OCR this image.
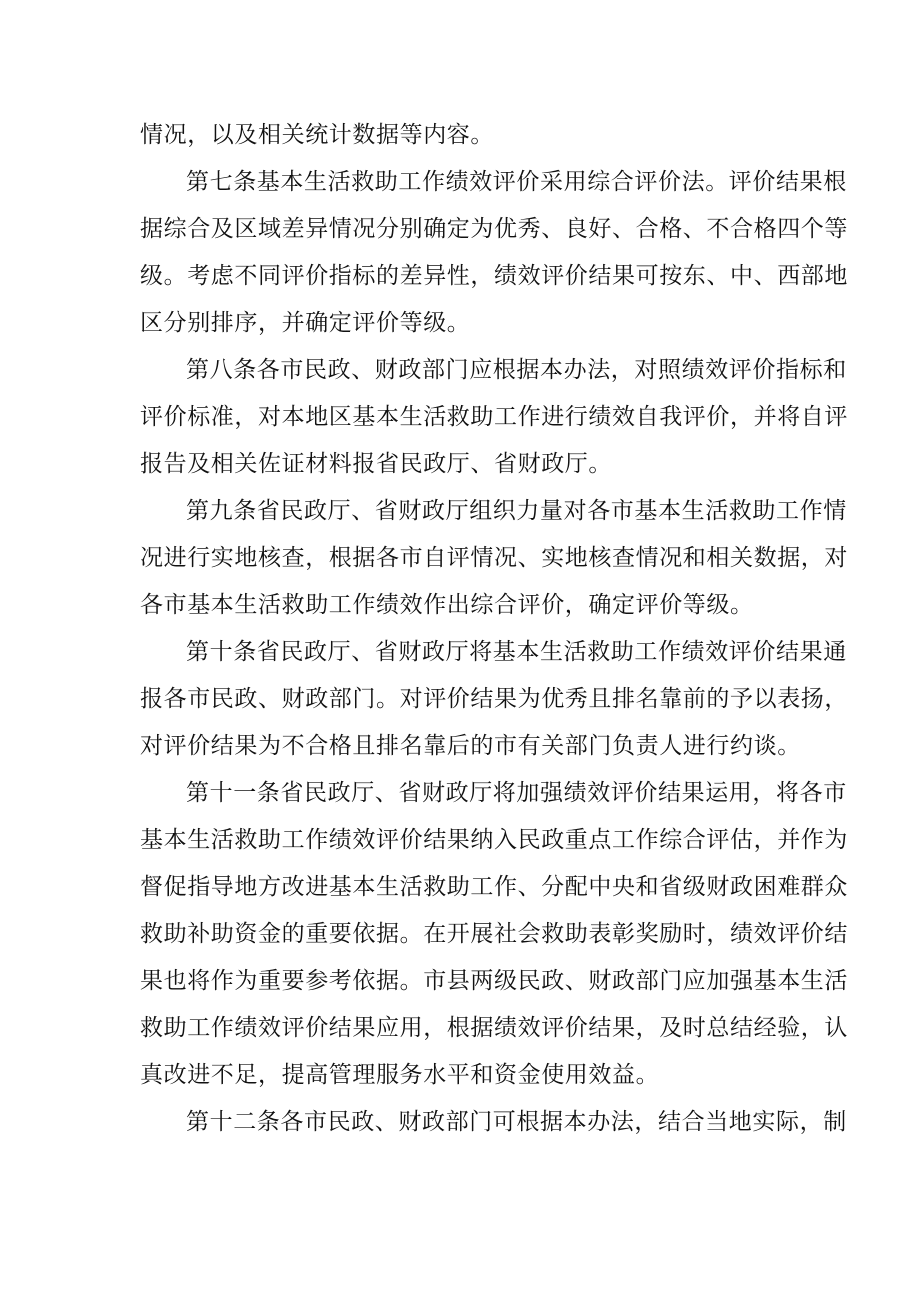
情况，以及相关统计数据等内容。
第七条基本生活救助工作绩效评价采用综合评价法。评价结果根
据综合及区域差异情况分别确定为优秀、良好、合格、不合格四个等
级。考虑不同评价指标的差异性，绩效评价结果可按东、中、西部地
区分别排序，并确定评价等级。
第八条各市民政、财政部门应根据本办法，对照绩效评价指标和
评价标准，对本地区基本生活救助工作进行绩效自我评价，并将自评
报告及相关佐证材料报省民政厅、省财政厅。
第九条省民政厅、省财政厅组织力量对各市基本生活救助工作情
况进行实地核查，根据各市自评情况、实地核查情况和相关数据，对
各市基本生活救助工作绩效作出综合评价，确定评价等级。
第十条省民政厅、省财政厅将基本生活救助工作绩效评价结果通
报各市民政、财政部门。对评价结果为优秀且排名靠前的予以表扬，
对评价结果为不合格且排名靠后的市有关部门负责人进行约谈。
第十一条省民政厅、省财政厅将加强绩效评价结果运用，将各市
基本生活救助工作绩效评价结果纳入民政重点工作综合评估，并作为
督促指导地方改进基本生活救助工作、分配中央和省级财政困难群众
救助补助资金的重要依据。在开展社会救助表彰奖励时，绩效评价结
果也将作为重要参考依据。市县两级民政、财政部门应加强基本生活
救助工作绩效评价结果应用，根据绩效评价结果，及时总结经验，认
真改进不足，提高管理服务水平和资金使用效益。
第十二条各市民政、财政部门可根据本办法，结合当地实际，制
